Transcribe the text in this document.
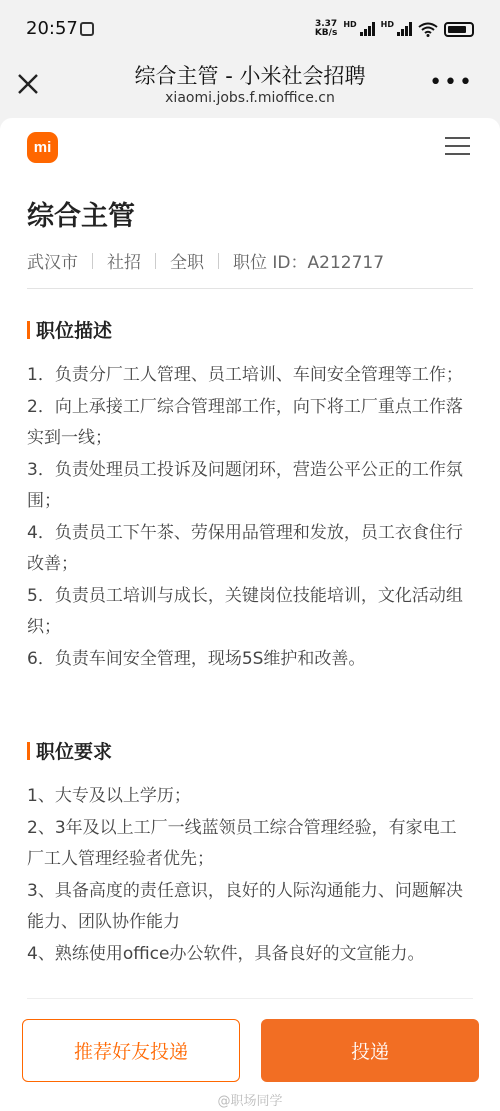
20:57	3.37
KB/s
HD	HD
综合主管 - 小米社会招聘
xiaomi.jobs.f.mioffice.cn
•••
mi
综合主管
武汉市 社招 全职 职位 ID：A212717
职位描述

1．负责分厂工人管理、员工培训、车间安全管理等工作；

2．向上承接工厂综合管理部工作，向下将工厂重点工作落实到一线；

3．负责处理员工投诉及问题闭环，营造公平公正的工作氛围；

4．负责员工下午茶、劳保用品管理和发放，员工衣食住行改善；

5．负责员工培训与成长，关键岗位技能培训，文化活动组织；

6．负责车间安全管理，现场5S维护和改善。

职位要求

1、大专及以上学历；

2、3年及以上工厂一线蓝领员工综合管理经验，有家电工厂工人管理经验者优先；

3、具备高度的责任意识，良好的人际沟通能力、问题解决能力、团队协作能力

4、熟练使用office办公软件，具备良好的文宣能力。

推荐好友投递	投递
@职场同学
